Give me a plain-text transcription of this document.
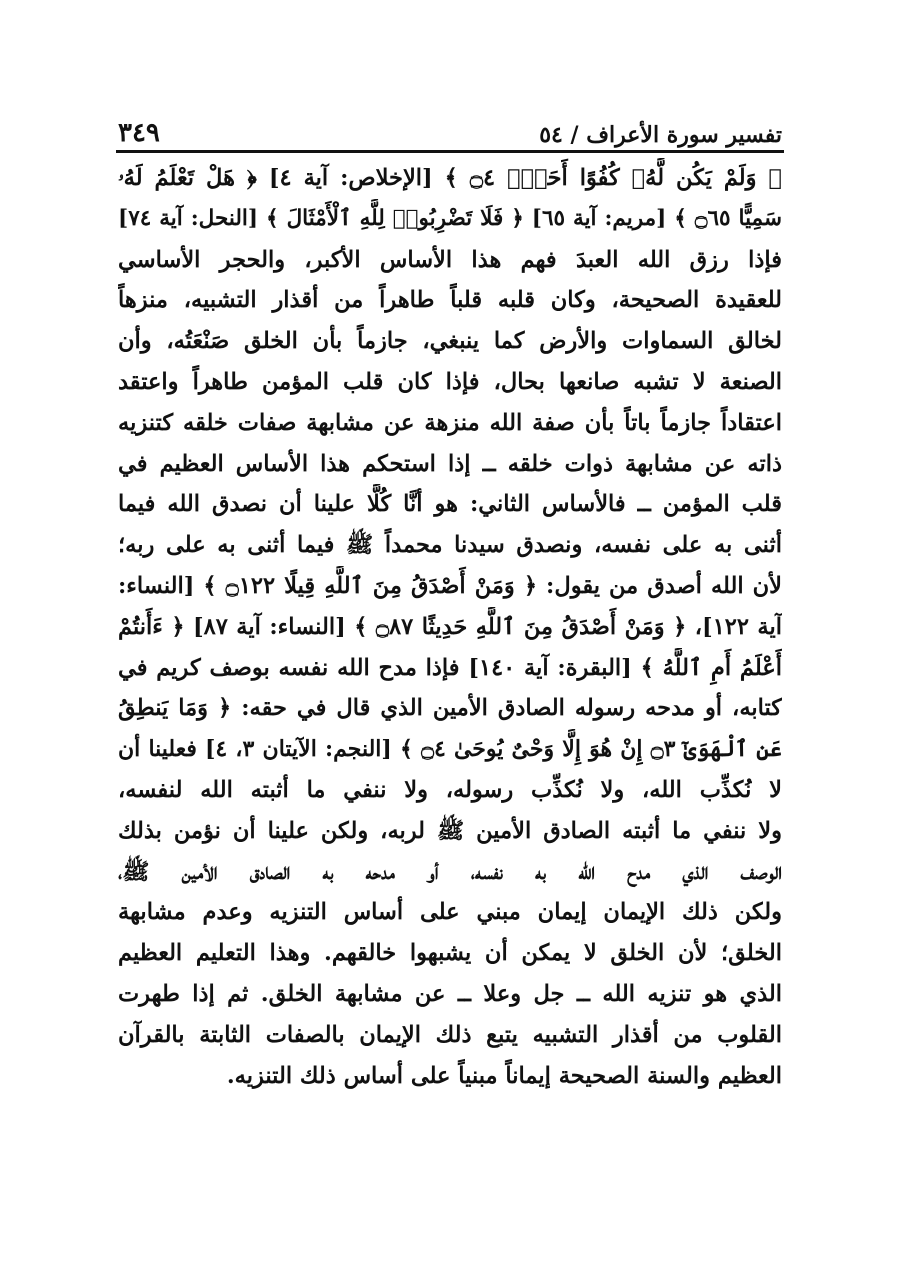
تفسير سورة الأعراف / ٥٤
٣٤٩
﴿ وَلَمْ يَكُن لَّهُۥ كُفُوًا أَحَدٌۢ ۝٤ ﴾ [الإخلاص: آية ٤] ﴿ هَلْ تَعْلَمُ لَهُۥ
سَمِيًّا ۝٦٥ ﴾ [مريم: آية ٦٥] ﴿ فَلَا تَضْرِبُوا۟ لِلَّهِ ٱلْأَمْثَالَ ﴾ [النحل: آية ٧٤]
فإذا رزق الله العبدَ فهم هذا الأساس الأكبر، والحجر الأساسي
للعقيدة الصحيحة، وكان قلبه قلباً طاهراً من أقذار التشبيه، منزهاً
لخالق السماوات والأرض كما ينبغي، جازماً بأن الخلق صَنْعَتُه، وأن
الصنعة لا تشبه صانعها بحال، فإذا كان قلب المؤمن طاهراً واعتقد
اعتقاداً جازماً باتاً بأن صفة الله منزهة عن مشابهة صفات خلقه كتنزيه
ذاته عن مشابهة ذوات خلقه ــ إذا استحكم هذا الأساس العظيم في
قلب المؤمن ــ فالأساس الثاني: هو أنَّا كُلًّا علينا أن نصدق الله فيما
أثنى به على نفسه، ونصدق سيدنا محمداً ﷺ فيما أثنى به على ربه؛
لأن الله أصدق من يقول: ﴿ وَمَنْ أَصْدَقُ مِنَ ٱللَّهِ قِيلًا ۝١٢٢ ﴾ [النساء:
آية ١٢٢]، ﴿ وَمَنْ أَصْدَقُ مِنَ ٱللَّهِ حَدِيثًا ۝٨٧ ﴾ [النساء: آية ٨٧] ﴿ ءَأَنتُمْ
أَعْلَمُ أَمِ ٱللَّهُ ﴾ [البقرة: آية ١٤٠] فإذا مدح الله نفسه بوصف كريم في
كتابه، أو مدحه رسوله الصادق الأمين الذي قال في حقه: ﴿ وَمَا يَنطِقُ
عَنِ ٱلْهَوَىٰٓ ۝٣ إِنْ هُوَ إِلَّا وَحْىٌ يُوحَىٰ ۝٤ ﴾ [النجم: الآيتان ٣، ٤] فعلينا أن
لا نُكذِّب الله، ولا نُكذِّب رسوله، ولا ننفي ما أثبته الله لنفسه،
ولا ننفي ما أثبته الصادق الأمين ﷺ لربه، ولكن علينا أن نؤمن بذلك
الوصف الذي مدح الله به نفسه، أو مدحه به الصادق الأمين ﷺ،
ولكن ذلك الإيمان إيمان مبني على أساس التنزيه وعدم مشابهة
الخلق؛ لأن الخلق لا يمكن أن يشبهوا خالقهم. وهذا التعليم العظيم
الذي هو تنزيه الله ــ جل وعلا ــ عن مشابهة الخلق. ثم إذا طهرت
القلوب من أقذار التشبيه يتبع ذلك الإيمان بالصفات الثابتة بالقرآن
العظيم والسنة الصحيحة إيماناً مبنياً على أساس ذلك التنزيه.
